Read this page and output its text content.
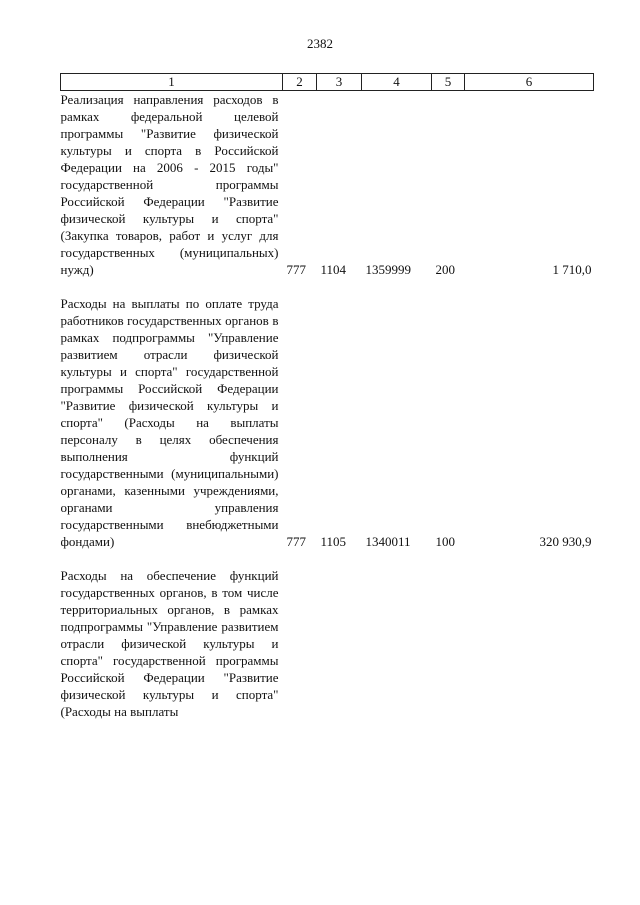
2382
1	2	3	4	5	6
Реализация направления расходов в рамках федеральной целевой программы "Развитие физической культуры и спорта в Российской Федерации на 2006 - 2015 годы" государственной программы Российской Федерации "Развитие физической культуры и спорта" (Закупка товаров, работ и услуг для государственных (муниципальных) нужд)	777	1104	1359999	200	1 710,0

Расходы на выплаты по оплате труда работников государственных органов в рамках подпрограммы "Управление развитием отрасли физической культуры и спорта" государственной программы Российской Федерации "Развитие физической культуры и спорта" (Расходы на выплаты персоналу в целях обеспечения выполнения функций государственными (муниципальными) органами, казенными учреждениями, органами управления государственными внебюджетными фондами)	777	1105	1340011	100	320 930,9

Расходы на обеспечение функций государственных органов, в том числе территориальных органов, в рамках подпрограммы "Управление развитием отрасли физической культуры и спорта" государственной программы Российской Федерации "Развитие физической культуры и спорта" (Расходы на выплаты					
